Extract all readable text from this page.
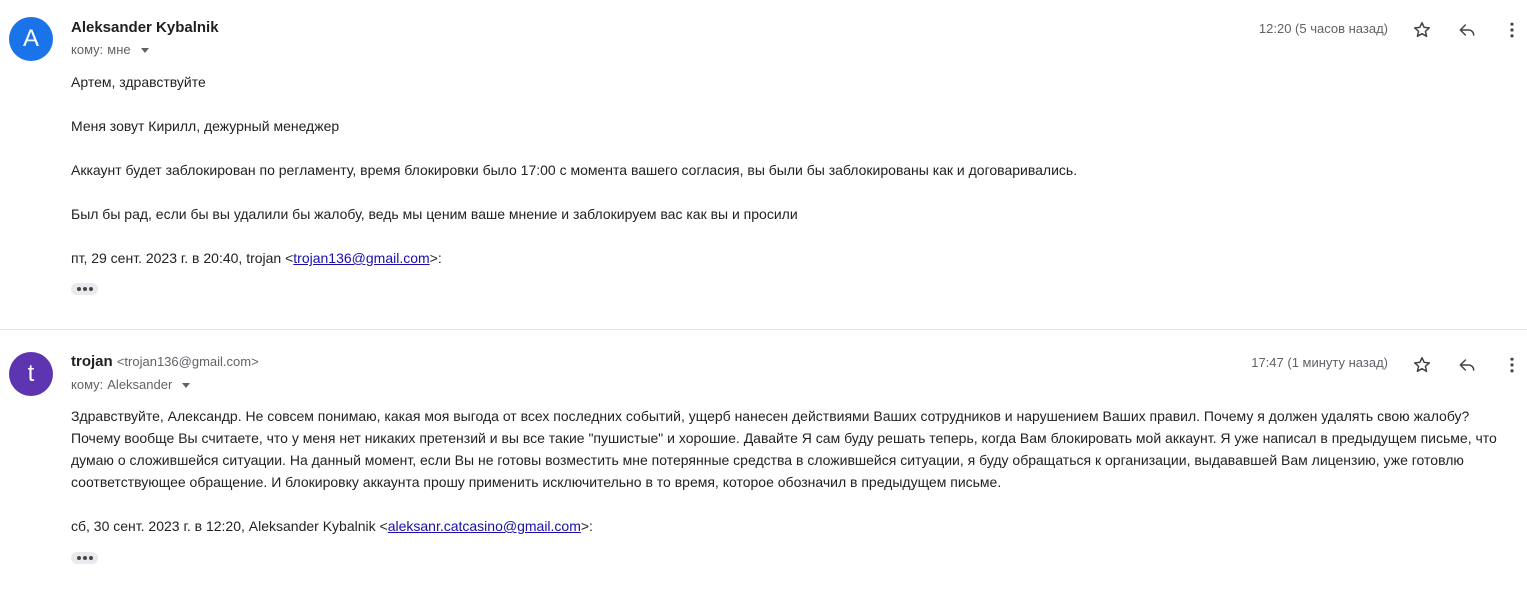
A	Aleksander Kybalnik
кому: мне
12:20 (5 часов назад)

Артем, здравствуйте

Меня зовут Кирилл, дежурный менеджер

Аккаунт будет заблокирован по регламенту, время блокировки было 17:00 с момента вашего согласия, вы были бы заблокированы как и договаривались.

Был бы рад, если бы вы удалили бы жалобу, ведь мы ценим ваше мнение и заблокируем вас как вы и просили

пт, 29 сент. 2023 г. в 20:40, trojan <trojan136@gmail.com>:

t	trojan <trojan136@gmail.com>
кому: Aleksander
17:47 (1 минуту назад)

Здравствуйте, Александр. Не совсем понимаю, какая моя выгода от всех последних событий, ущерб нанесен действиями Ваших сотрудников и нарушением Ваших правил. Почему я должен удалять свою жалобу? Почему вообще Вы считаете, что у меня нет никаких претензий и вы все такие "пушистые" и хорошие. Давайте Я сам буду решать теперь, когда Вам блокировать мой аккаунт. Я уже написал в предыдущем письме, что думаю о сложившейся ситуации. На данный момент, если Вы не готовы возместить мне потерянные средства в сложившейся ситуации, я буду обращаться к организации, выдававшей Вам лицензию, уже готовлю соответствующее обращение. И блокировку аккаунта прошу применить исключительно в то время, которое обозначил в предыдущем письме.

сб, 30 сент. 2023 г. в 12:20, Aleksander Kybalnik <aleksanr.catcasino@gmail.com>:
